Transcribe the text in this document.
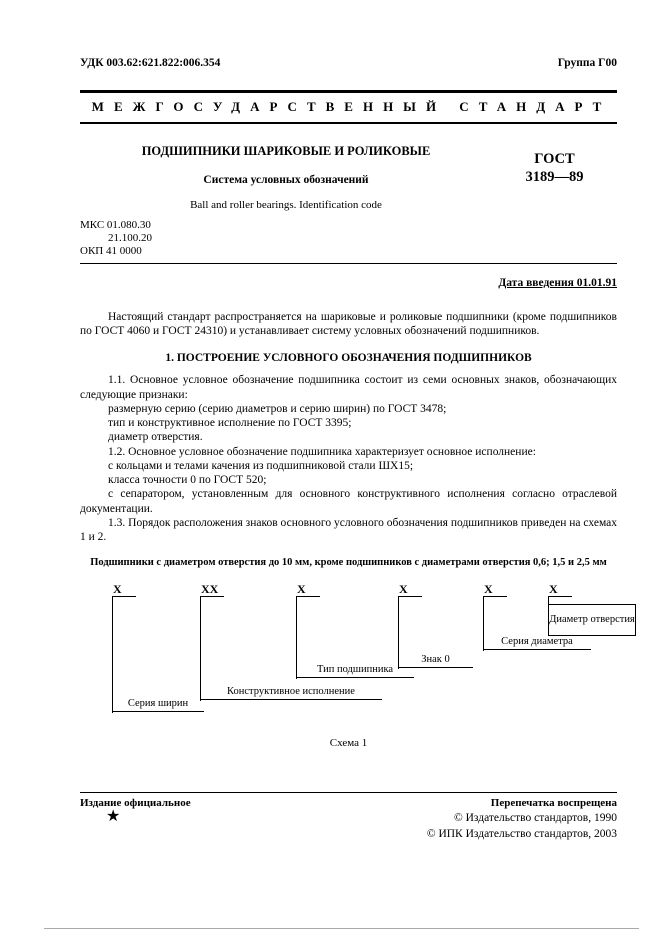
УДК 003.62:621.822:006.354	Группа Г00
МЕЖГОСУДАРСТВЕННЫЙ СТАНДАРТ
ПОДШИПНИКИ ШАРИКОВЫЕ И РОЛИКОВЫЕ
Система условных обозначений
Ball and roller bearings. Identification code
ГОСТ
3189—89
МКС 01.080.30
21.100.20
ОКП 41 0000
Дата введения 01.01.91

Настоящий стандарт распространяется на шариковые и роликовые подшипники (кроме подшипников по ГОСТ 4060 и ГОСТ 24310) и устанавливает систему условных обозначений подшипников.

1. ПОСТРОЕНИЕ УСЛОВНОГО ОБОЗНАЧЕНИЯ ПОДШИПНИКОВ

1.1. Основное условное обозначение подшипника состоит из семи основных знаков, обозначающих следующие признаки:

размерную серию (серию диаметров и серию ширин) по ГОСТ 3478;

тип и конструктивное исполнение по ГОСТ 3395;

диаметр отверстия.

1.2. Основное условное обозначение подшипника характеризует основное исполнение:

с кольцами и телами качения из подшипниковой стали ШХ15;

класса точности 0 по ГОСТ 520;

с сепаратором, установленным для основного конструктивного исполнения согласно отраслевой документации.

1.3. Порядок расположения знаков основного условного обозначения подшипников приведен на схемах 1 и 2.

Подшипники с диаметром отверстия до 10 мм, кроме подшипников с диаметрами отверстия 0,6; 1,5 и 2,5 мм
X	XX	X	X	X	X
Диаметр отверстия
Серия диаметра
Знак 0
Тип подшипника
Конструктивное исполнение
Серия ширин
Схема 1
Издание официальное	Перепечатка воспрещена
★	© Издательство стандартов, 1990
© ИПК Издательство стандартов, 2003
